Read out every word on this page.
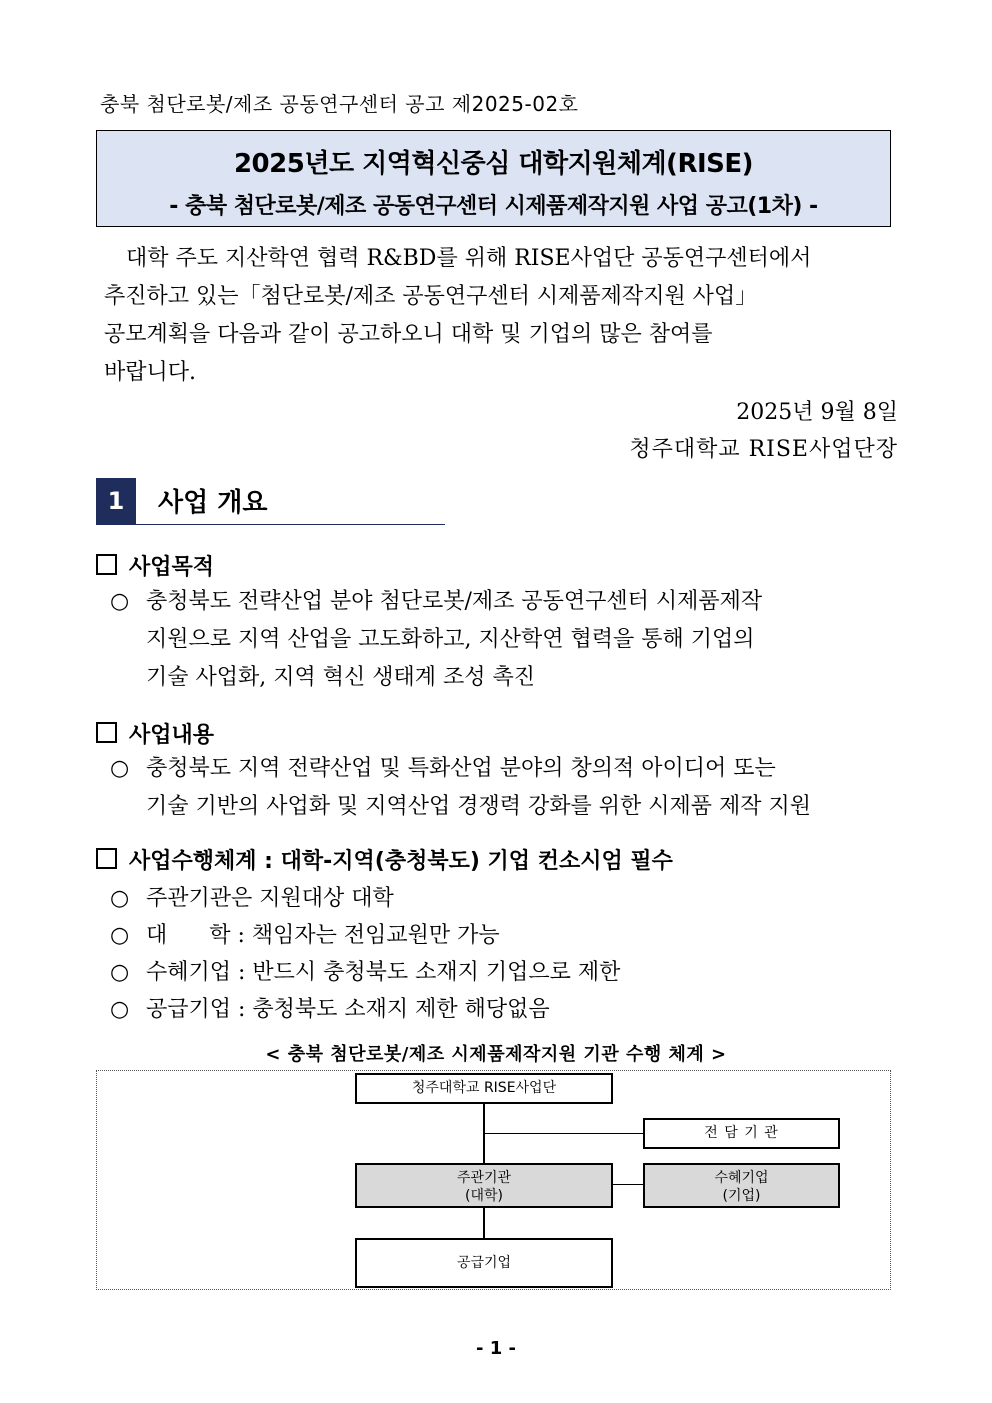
충북 첨단로봇/제조 공동연구센터 공고 제2025-02호
2025년도 지역혁신중심 대학지원체계(RISE)
- 충북 첨단로봇/제조 공동연구센터 시제품제작지원 사업 공고(1차) -
대학 주도 지산학연 협력 R&BD를 위해 RISE사업단 공동연구센터에서
추진하고 있는「첨단로봇/제조 공동연구센터 시제품제작지원 사업」
공모계획을 다음과 같이 공고하오니 대학 및 기업의 많은 참여를
바랍니다.
2025년 9월 8일
청주대학교 RISE사업단장
1	사업 개요
사업목적
○ 충청북도 전략산업 분야 첨단로봇/제조 공동연구센터 시제품제작
지원으로 지역 산업을 고도화하고, 지산학연 협력을 통해 기업의
기술 사업화, 지역 혁신 생태계 조성 촉진
사업내용
○ 충청북도 지역 전략산업 및 특화산업 분야의 창의적 아이디어 또는
기술 기반의 사업화 및 지역산업 경쟁력 강화를 위한 시제품 제작 지원
사업수행체계 : 대학-지역(충청북도) 기업 컨소시엄 필수
○ 주관기관은 지원대상 대학
○ 대      학 : 책임자는 전임교원만 가능
○ 수혜기업 : 반드시 충청북도 소재지 기업으로 제한
○ 공급기업 : 충청북도 소재지 제한 해당없음
< 충북 첨단로봇/제조 시제품제작지원 기관 수행 체계 >
청주대학교 RISE사업단
전 담 기 관
주관기관
(대학)
수혜기업
(기업)
공급기업
- 1 -
